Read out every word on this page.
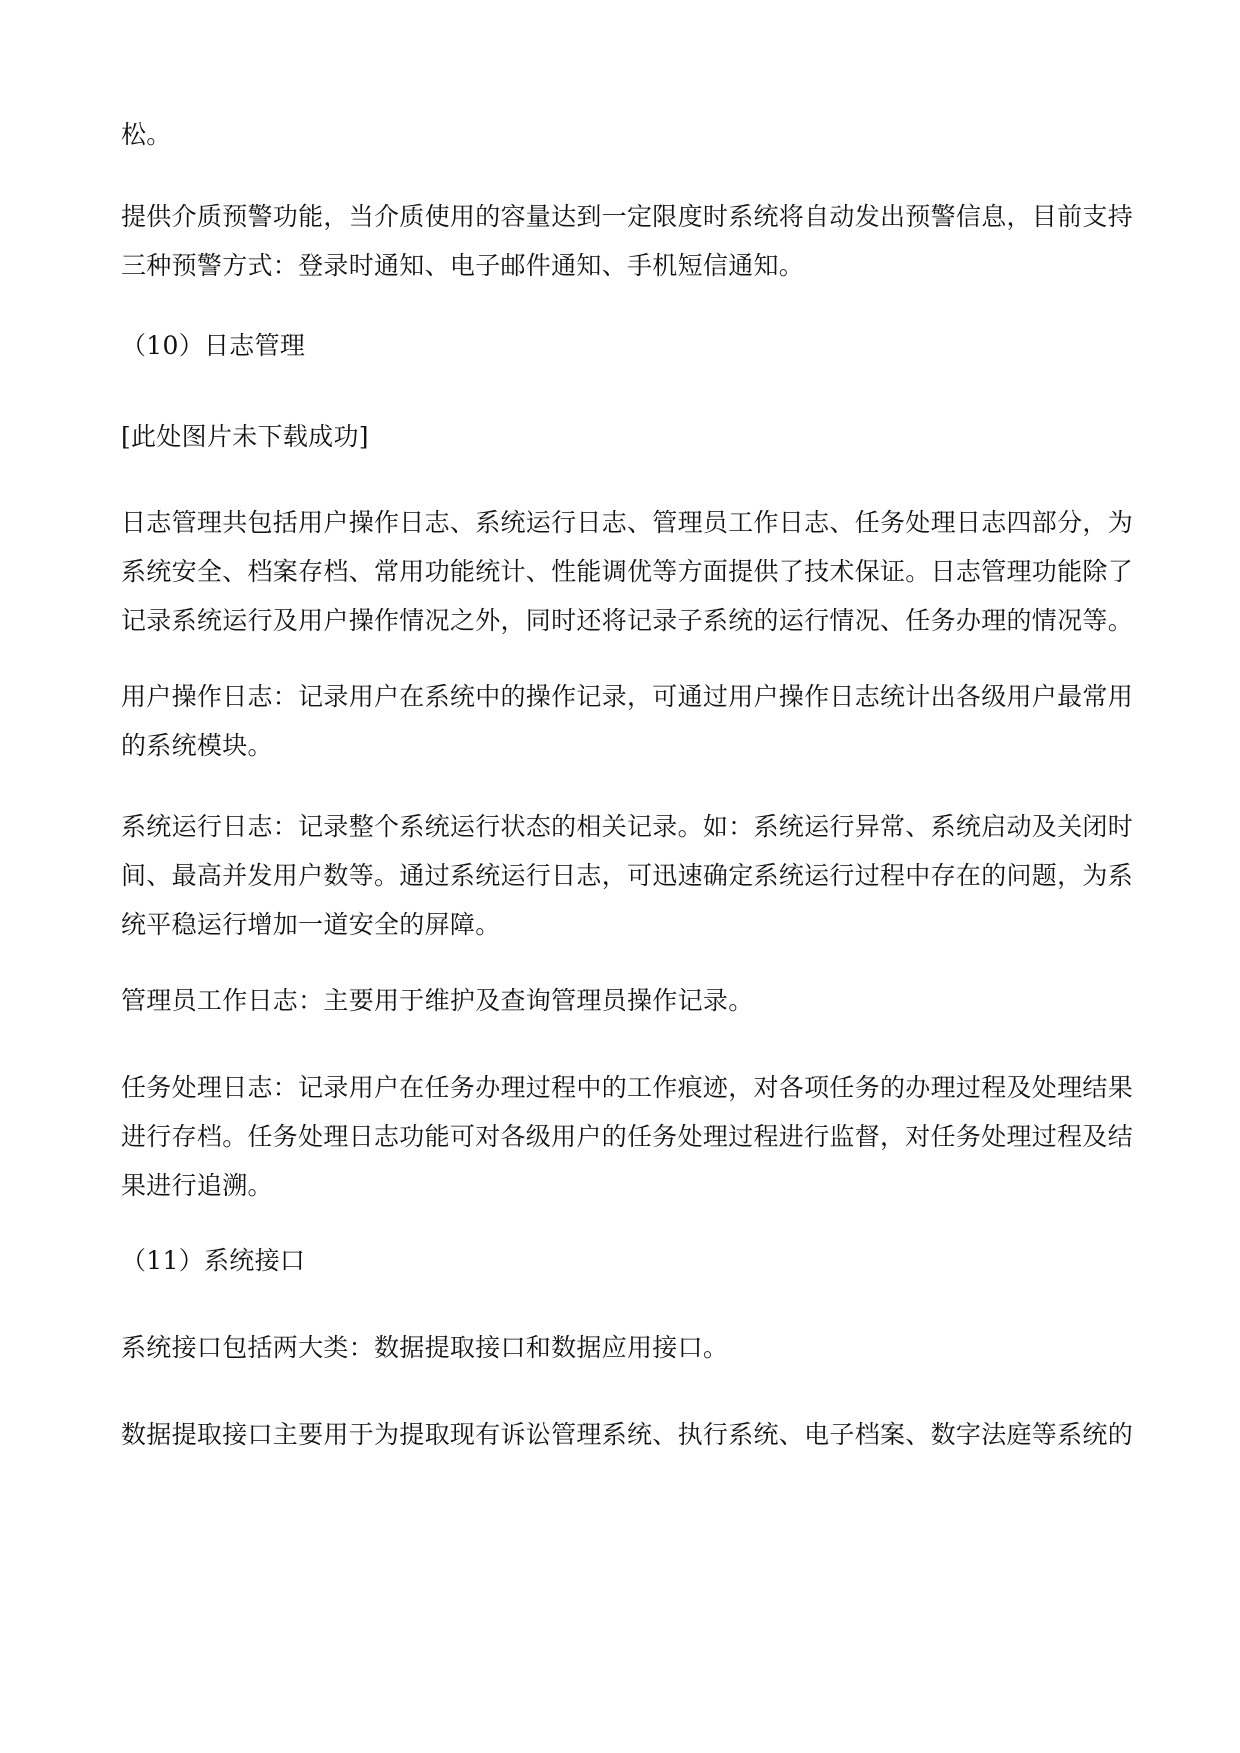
松。
提供介质预警功能，当介质使用的容量达到一定限度时系统将自动发出预警信息，目前支持
三种预警方式：登录时通知、电子邮件通知、手机短信通知。
（10）日志管理
[此处图片未下载成功]
日志管理共包括用户操作日志、系统运行日志、管理员工作日志、任务处理日志四部分，为
系统安全、档案存档、常用功能统计、性能调优等方面提供了技术保证。日志管理功能除了
记录系统运行及用户操作情况之外，同时还将记录子系统的运行情况、任务办理的情况等。
用户操作日志：记录用户在系统中的操作记录，可通过用户操作日志统计出各级用户最常用
的系统模块。
系统运行日志：记录整个系统运行状态的相关记录。如：系统运行异常、系统启动及关闭时
间、最高并发用户数等。通过系统运行日志，可迅速确定系统运行过程中存在的问题，为系
统平稳运行增加一道安全的屏障。
管理员工作日志：主要用于维护及查询管理员操作记录。
任务处理日志：记录用户在任务办理过程中的工作痕迹，对各项任务的办理过程及处理结果
进行存档。任务处理日志功能可对各级用户的任务处理过程进行监督，对任务处理过程及结
果进行追溯。
（11）系统接口
系统接口包括两大类：数据提取接口和数据应用接口。
数据提取接口主要用于为提取现有诉讼管理系统、执行系统、电子档案、数字法庭等系统的
